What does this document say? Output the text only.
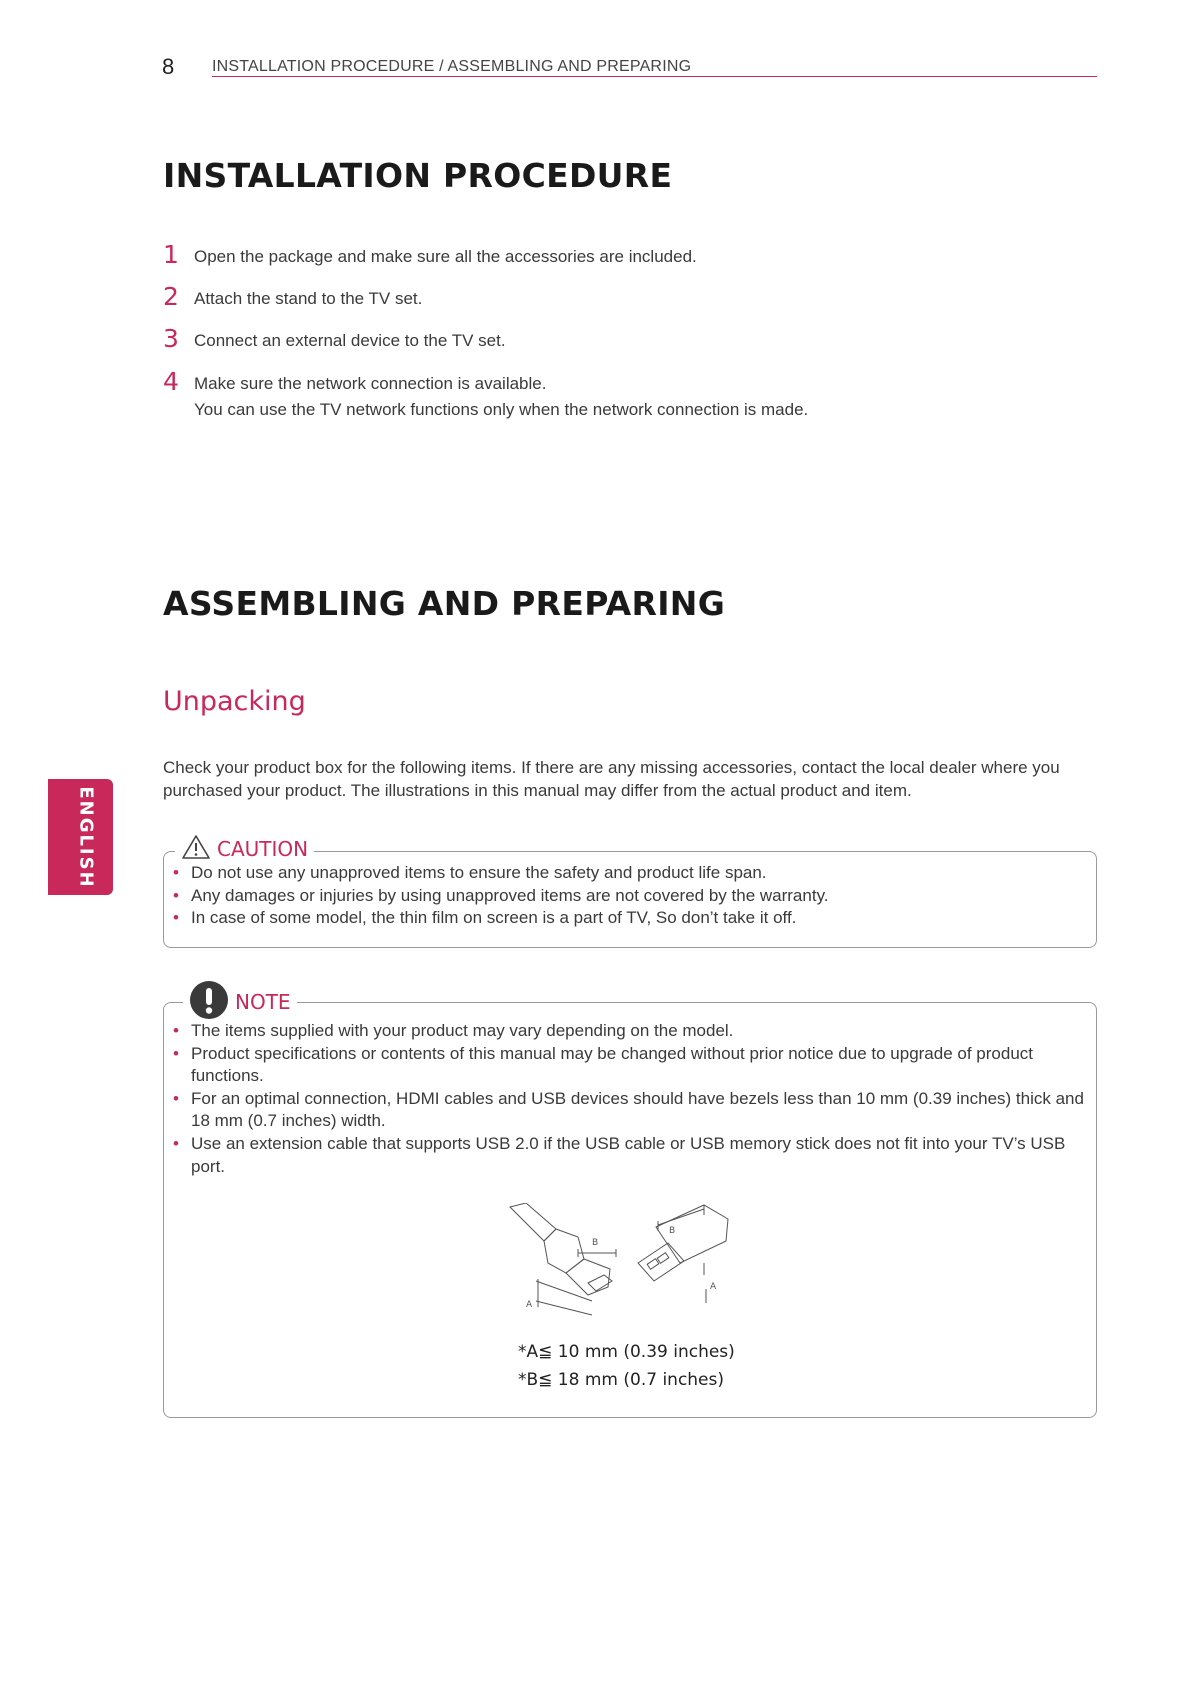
8 INSTALLATION PROCEDURE / ASSEMBLING AND PREPARING
ENGLISH
INSTALLATION PROCEDURE
1 Open the package and make sure all the accessories are included.
2 Attach the stand to the TV set.
3 Connect an external device to the TV set.
4 Make sure the network connection is available.
You can use the TV network functions only when the network connection is made.
ASSEMBLING AND PREPARING
Unpacking
Check your product box for the following items. If there are any missing accessories, contact the local dealer where you purchased your product. The illustrations in this manual may differ from the actual product and item.
CAUTION
• Do not use any unapproved items to ensure the safety and product life span.
• Any damages or injuries by using unapproved items are not covered by the warranty.
• In case of some model, the thin film on screen is a part of TV, So don’t take it off.
NOTE
• The items supplied with your product may vary depending on the model.
• Product specifications or contents of this manual may be changed without prior notice due to upgrade of product functions.
• For an optimal connection, HDMI cables and USB devices should have bezels less than 10 mm (0.39 inches) thick and 18 mm (0.7 inches) width.
• Use an extension cable that supports USB 2.0 if the USB cable or USB memory stick does not fit into your TV’s USB port.
B
A
B
A
*A≦ 10 mm (0.39 inches)
*B≦ 18 mm (0.7 inches)
